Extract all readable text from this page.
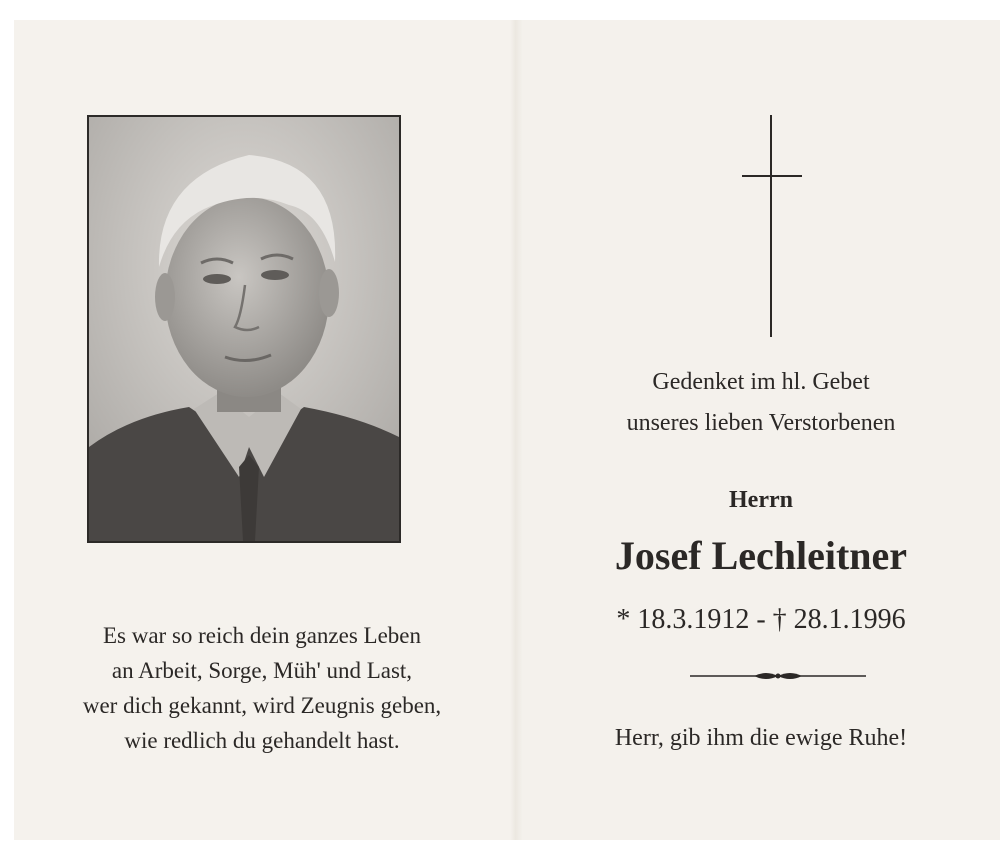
Es war so reich dein ganzes Leben
an Arbeit, Sorge, Müh' und Last,
wer dich gekannt, wird Zeugnis geben,
wie redlich du gehandelt hast.
Gedenket im hl. Gebet
unseres lieben Verstorbenen
Herrn
Josef Lechleitner
* 18.3.1912 - † 28.1.1996
Herr, gib ihm die ewige Ruhe!
